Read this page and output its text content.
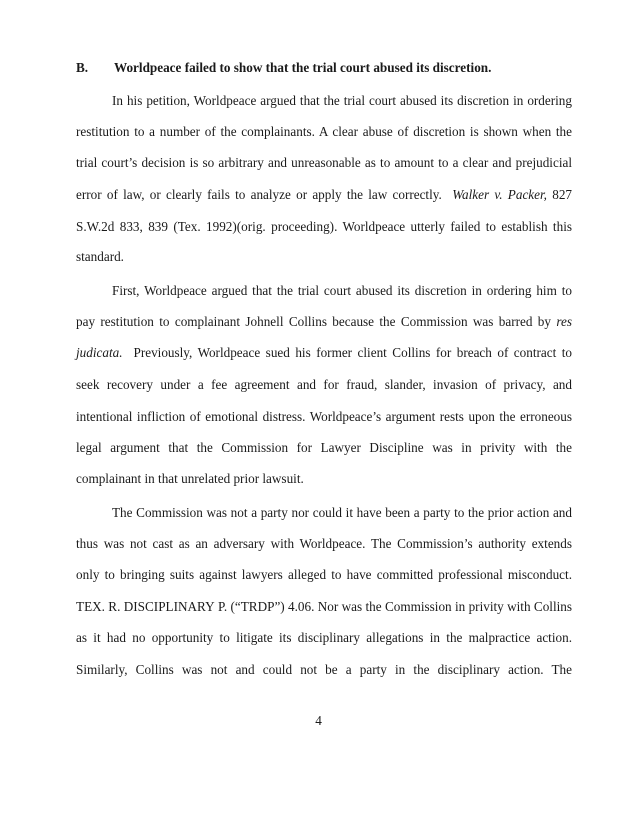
B. Worldpeace failed to show that the trial court abused its discretion.
In his petition, Worldpeace argued that the trial court abused its discretion in ordering
restitution to a number of the complainants. A clear abuse of discretion is shown when the
trial court’s decision is so arbitrary and unreasonable as to amount to a clear and prejudicial
error of law, or clearly fails to analyze or apply the law correctly. Walker v. Packer, 827
S.W.2d 833, 839 (Tex. 1992)(orig. proceeding). Worldpeace utterly failed to establish this
standard.
First, Worldpeace argued that the trial court abused its discretion in ordering him to
pay restitution to complainant Johnell Collins because the Commission was barred by res
judicata. Previously, Worldpeace sued his former client Collins for breach of contract to
seek recovery under a fee agreement and for fraud, slander, invasion of privacy, and
intentional infliction of emotional distress. Worldpeace’s argument rests upon the erroneous
legal argument that the Commission for Lawyer Discipline was in privity with the
complainant in that unrelated prior lawsuit.
The Commission was not a party nor could it have been a party to the prior action and
thus was not cast as an adversary with Worldpeace. The Commission’s authority extends
only to bringing suits against lawyers alleged to have committed professional misconduct.
TEX. R. DISCIPLINARY P. (“TRDP”) 4.06. Nor was the Commission in privity with Collins
as it had no opportunity to litigate its disciplinary allegations in the malpractice action.
Similarly, Collins was not and could not be a party in the disciplinary action. The
4
